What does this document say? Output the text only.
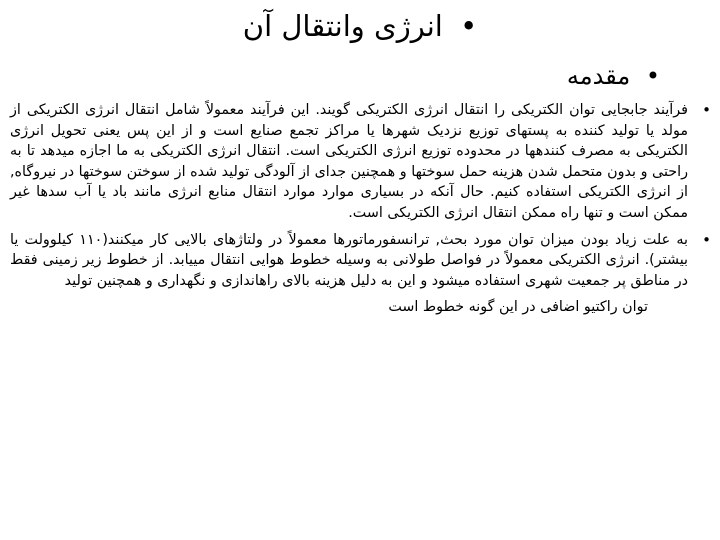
• انرژی وانتقال آن
• مقدمه
•
فرآیند جابجایی توان الکتریکی را انتقال انرژی الکتریکی گویند. این فرآیند معمولاً شامل انتقال انرژی الکتریکی از مولد یا تولید کننده به پستهای توزیع نزدیک شهرها یا مراکز تجمع صنایع است و از این پس یعنی تحویل انرژی الکتریکی به مصرف کنندهها در محدوده توزیع انرژی الکتریکی است. انتقال انرژی الکتریکی به ما اجازه میدهد تا به راحتی و بدون متحمل شدن هزینه حمل سوختها و همچنین جدای از آلودگی تولید شده از سوختن سوختها در نیروگاه, از انرژی الکتریکی استفاده کنیم. حال آنکه در بسیاری موارد موارد انتقال منابع انرژی مانند باد یا آب سدها غیر ممکن است و تنها راه ممکن انتقال انرژی الکتریکی است.
•
به علت زیاد بودن میزان توان مورد بحث, ترانسفورماتورها معمولاً در ولتاژهای بالایی کار میکنند(۱۱۰ کیلوولت یا بیشتر). انرژی الکتریکی معمولاً در فواصل طولانی به وسیله خطوط هوایی انتقال مییابد. از خطوط زیر زمینی فقط در مناطق پر جمعیت شهری استفاده میشود و این به دلیل هزینه بالای راهاندازی و نگهداری و همچنین تولید
توان راکتیو اضافی در این گونه خطوط است
